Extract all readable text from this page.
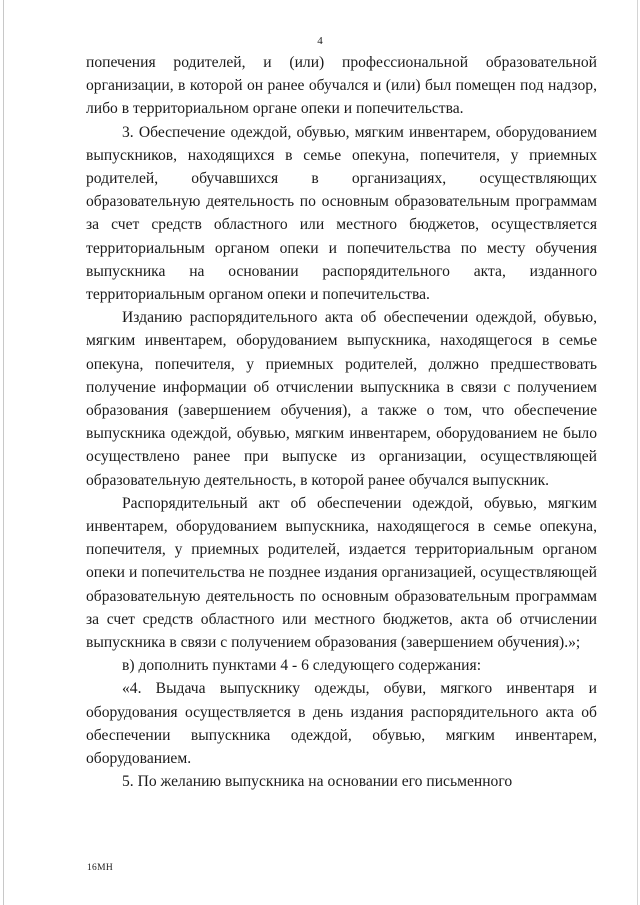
4

попечения родителей, и (или) профессиональной образовательной организации, в которой он ранее обучался и (или) был помещен под надзор, либо в территориальном органе опеки и попечительства.

3. Обеспечение одеждой, обувью, мягким инвентарем, оборудованием выпускников, находящихся в семье опекуна, попечителя, у приемных родителей, обучавшихся в организациях, осуществляющих образовательную деятельность по основным образовательным программам за счет средств областного или местного бюджетов, осуществляется территориальным органом опеки и попечительства по месту обучения выпускника на основании распорядительного акта, изданного территориальным органом опеки и попечительства.

Изданию распорядительного акта об обеспечении одеждой, обувью, мягким инвентарем, оборудованием выпускника, находящегося в семье опекуна, попечителя, у приемных родителей, должно предшествовать получение информации об отчислении выпускника в связи с получением образования (завершением обучения), а также о том, что обеспечение выпускника одеждой, обувью, мягким инвентарем, оборудованием не было осуществлено ранее при выпуске из организации, осуществляющей образовательную деятельность, в которой ранее обучался выпускник.

Распорядительный акт об обеспечении одеждой, обувью, мягким инвентарем, оборудованием выпускника, находящегося в семье опекуна, попечителя, у приемных родителей, издается территориальным органом опеки и попечительства не позднее издания организацией, осуществляющей образовательную деятельность по основным образовательным программам за счет средств областного или местного бюджетов, акта об отчислении выпускника в связи с получением образования (завершением обучения).»;

в) дополнить пунктами 4 - 6 следующего содержания:

«4. Выдача выпускнику одежды, обуви, мягкого инвентаря и оборудования осуществляется в день издания распорядительного акта об обеспечении выпускника одеждой, обувью, мягким инвентарем, оборудованием.

5. По желанию выпускника на основании его письменного

16МН
